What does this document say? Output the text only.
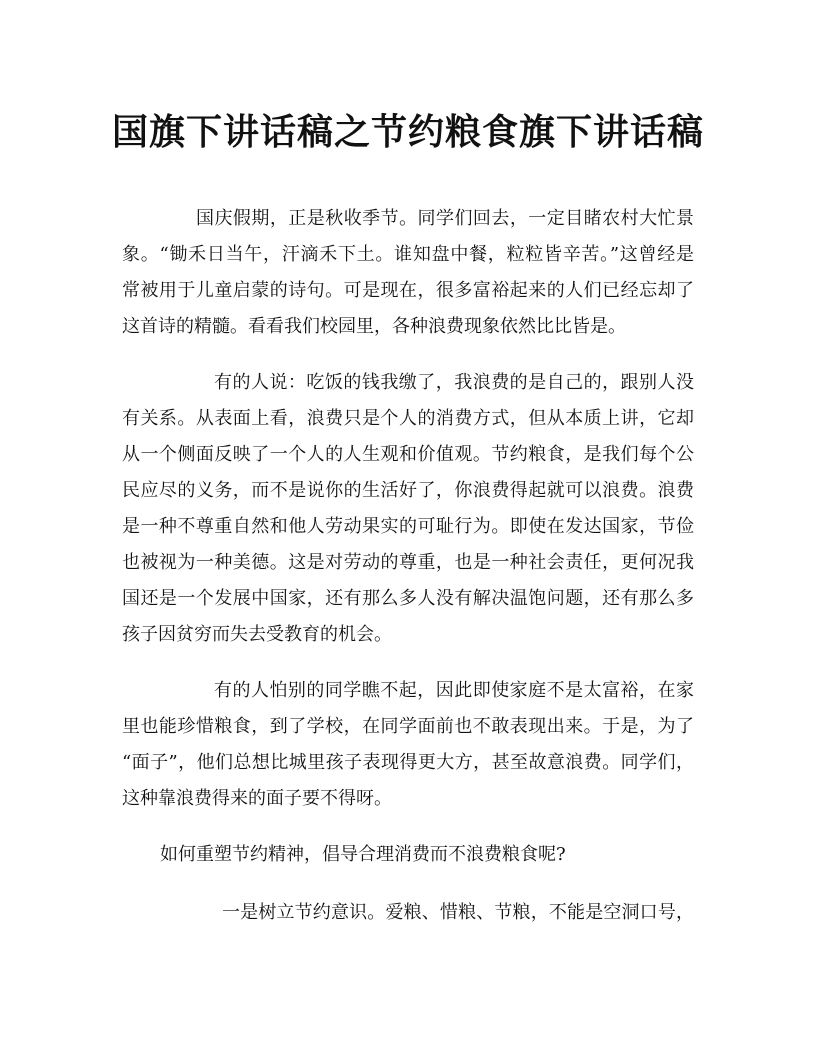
国旗下讲话稿之节约粮食旗下讲话稿
国庆假期，正是秋收季节。同学们回去，一定目睹农村大忙景
象。“锄禾日当午，汗滴禾下土。谁知盘中餐，粒粒皆辛苦。”这曾经是
常被用于儿童启蒙的诗句。可是现在，很多富裕起来的人们已经忘却了
这首诗的精髓。看看我们校园里，各种浪费现象依然比比皆是。
有的人说：吃饭的钱我缴了，我浪费的是自己的，跟别人没
有关系。从表面上看，浪费只是个人的消费方式，但从本质上讲，它却
从一个侧面反映了一个人的人生观和价值观。节约粮食，是我们每个公
民应尽的义务，而不是说你的生活好了，你浪费得起就可以浪费。浪费
是一种不尊重自然和他人劳动果实的可耻行为。即使在发达国家，节俭
也被视为一种美德。这是对劳动的尊重，也是一种社会责任，更何况我
国还是一个发展中国家，还有那么多人没有解决温饱问题，还有那么多
孩子因贫穷而失去受教育的机会。
有的人怕别的同学瞧不起，因此即使家庭不是太富裕，在家
里也能珍惜粮食，到了学校，在同学面前也不敢表现出来。于是，为了
“面子”，他们总想比城里孩子表现得更大方，甚至故意浪费。同学们，
这种靠浪费得来的面子要不得呀。
如何重塑节约精神，倡导合理消费而不浪费粮食呢?
一是树立节约意识。爱粮、惜粮、节粮，不能是空洞口号，
